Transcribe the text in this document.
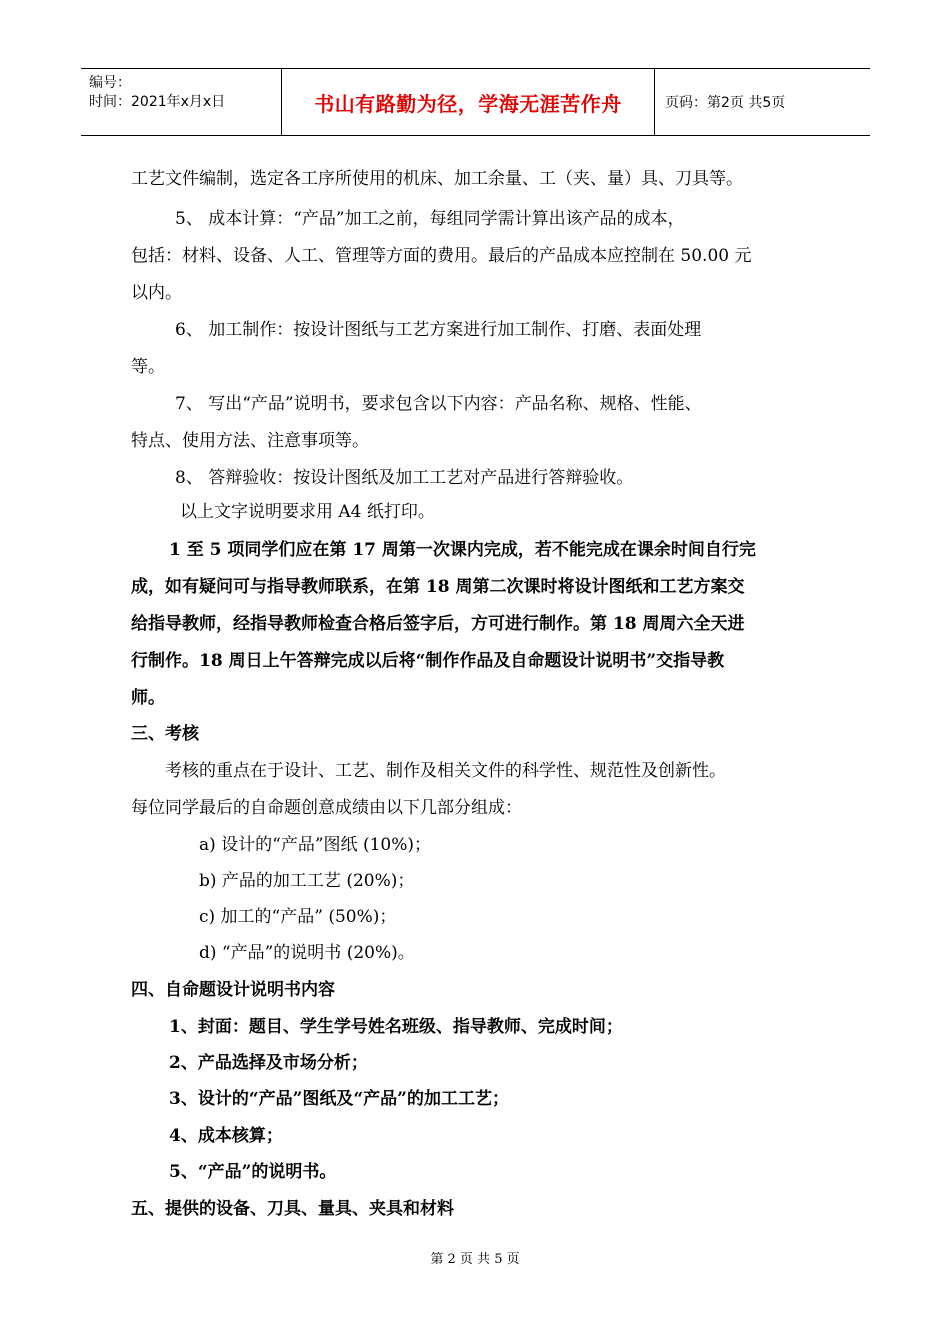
编号：
时间：2021年x月x日	书山有路勤为径，学海无涯苦作舟	页码：第2页 共5页
工艺文件编制，选定各工序所使用的机床、加工余量、工（夹、量）具、刀具等。
5、 成本计算：“产品”加工之前，每组同学需计算出该产品的成本，
包括：材料、设备、人工、管理等方面的费用。最后的产品成本应控制在 50.00 元
以内。
6、 加工制作：按设计图纸与工艺方案进行加工制作、打磨、表面处理
等。
7、 写出“产品”说明书，要求包含以下内容：产品名称、规格、性能、
特点、使用方法、注意事项等。
8、 答辩验收：按设计图纸及加工工艺对产品进行答辩验收。
以上文字说明要求用 A4 纸打印。
1 至 5 项同学们应在第 17 周第一次课内完成，若不能完成在课余时间自行完
成，如有疑问可与指导教师联系，在第 18 周第二次课时将设计图纸和工艺方案交
给指导教师，经指导教师检查合格后签字后，方可进行制作。第 18 周周六全天进
行制作。18 周日上午答辩完成以后将“制作作品及自命题设计说明书”交指导教
师。
三、考核
考核的重点在于设计、工艺、制作及相关文件的科学性、规范性及创新性。
每位同学最后的自命题创意成绩由以下几部分组成：
a) 设计的“产品”图纸 (10%)；
b) 产品的加工工艺 (20%)；
c) 加工的“产品” (50%)；
d) “产品”的说明书 (20%)。
四、自命题设计说明书内容
1、封面：题目、学生学号姓名班级、指导教师、完成时间；
2、产品选择及市场分析；
3、设计的“产品”图纸及“产品”的加工工艺；
4、成本核算；
5、“产品”的说明书。
五、提供的设备、刀具、量具、夹具和材料
第 2 页 共 5 页
